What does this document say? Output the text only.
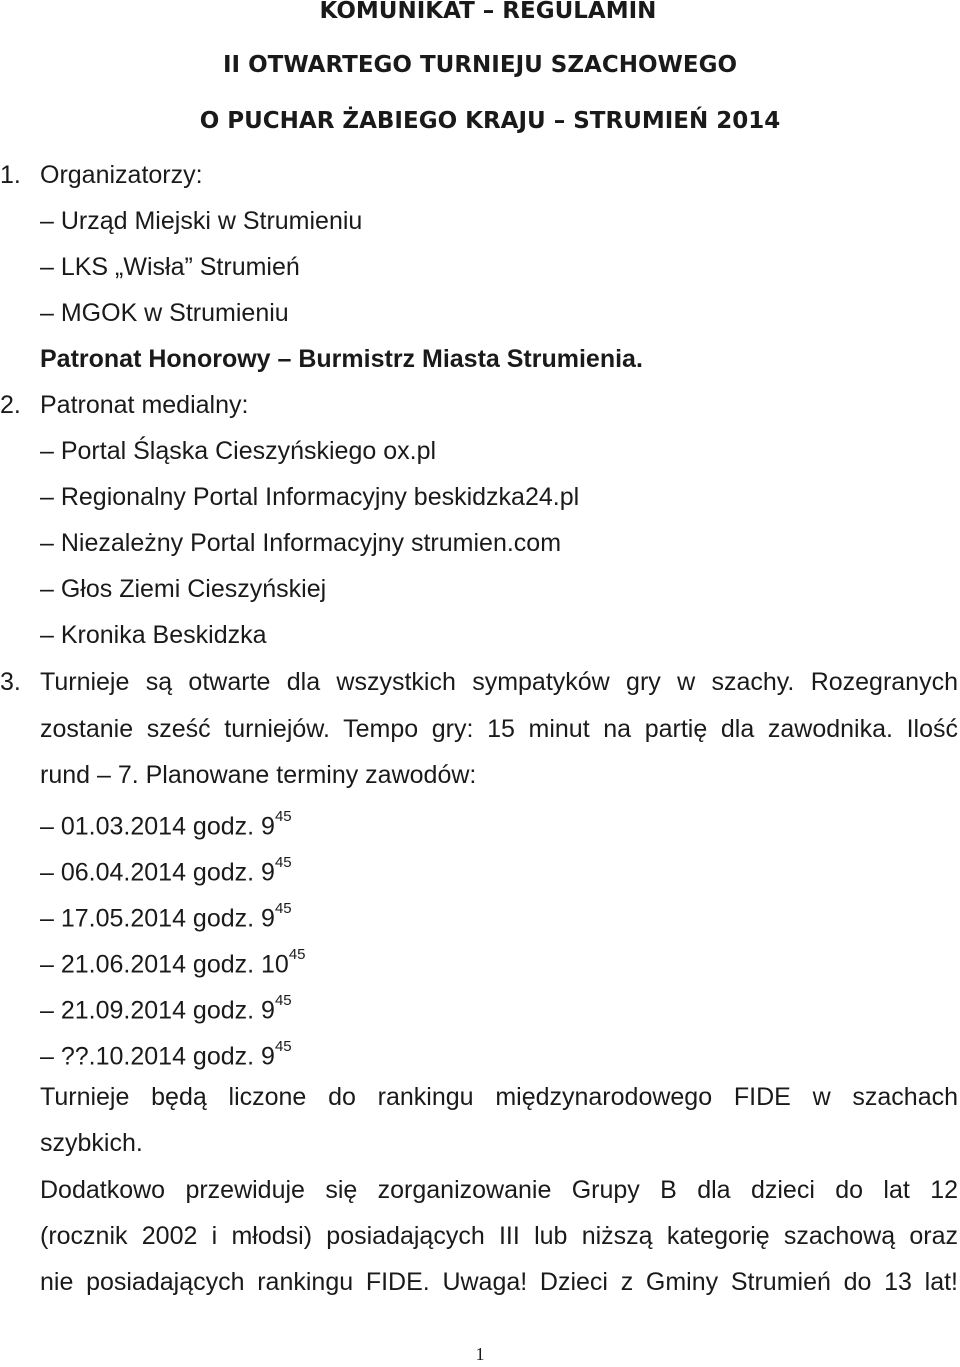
KOMUNIKAT – REGULAMIN
II OTWARTEGO TURNIEJU SZACHOWEGO
O PUCHAR ŻABIEGO KRAJU – STRUMIEŃ 2014
1. Organizatorzy:
– Urząd Miejski w Strumieniu
– LKS „Wisła” Strumień
– MGOK w Strumieniu
Patronat Honorowy – Burmistrz Miasta Strumienia.
2. Patronat medialny:
– Portal Śląska Cieszyńskiego ox.pl
– Regionalny Portal Informacyjny beskidzka24.pl
– Niezależny Portal Informacyjny strumien.com
– Głos Ziemi Cieszyńskiej
– Kronika Beskidzka
3. Turnieje są otwarte dla wszystkich sympatyków gry w szachy. Rozegranych
zostanie sześć turniejów. Tempo gry: 15 minut na partię dla zawodnika. Ilość
rund – 7. Planowane terminy zawodów:
– 01.03.2014 godz. $9^{45}$
– 06.04.2014 godz. $9^{45}$
– 17.05.2014 godz. $9^{45}$
– 21.06.2014 godz. $10^{45}$
– 21.09.2014 godz. $9^{45}$
– ??.10.2014 godz. $9^{45}$
Turnieje będą liczone do rankingu międzynarodowego FIDE w szachach
szybkich.
Dodatkowo przewiduje się zorganizowanie Grupy B dla dzieci do lat 12
(rocznik 2002 i młodsi) posiadających III lub niższą kategorię szachową oraz
nie posiadających rankingu FIDE. Uwaga! Dzieci z Gminy Strumień do 13 lat!
1
